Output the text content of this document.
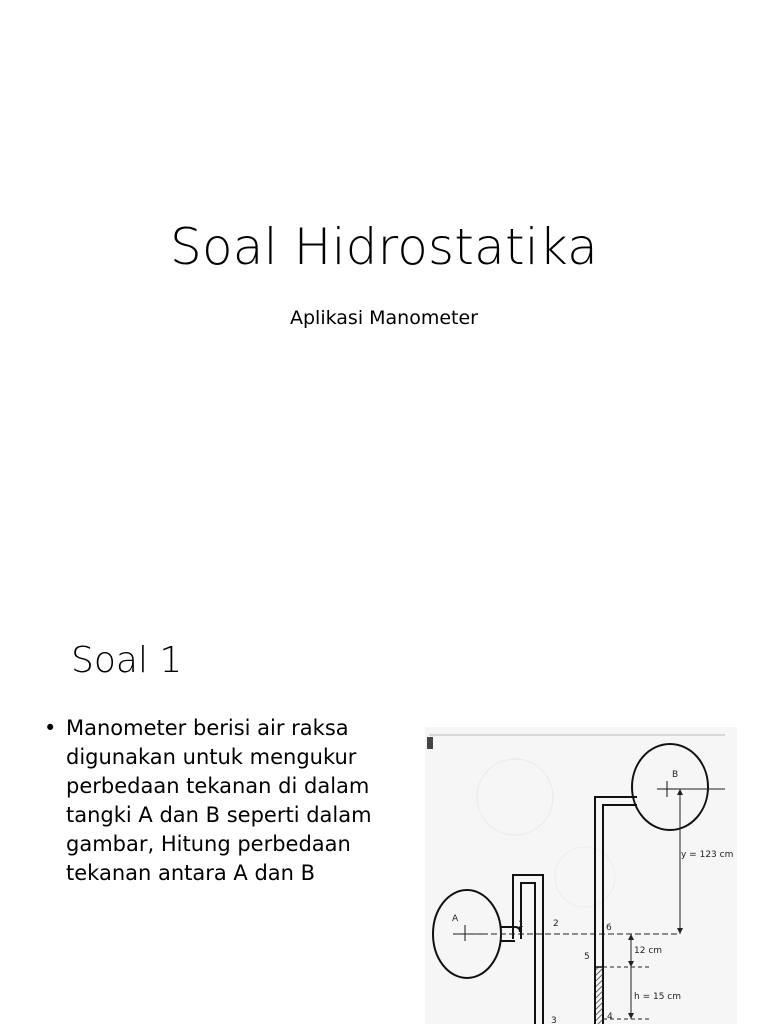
Soal Hidrostatika
Aplikasi Manometer
Soal 1
• Manometer berisi air raksa digunakan untuk mengukur perbedaan tekanan di dalam tangki A dan B seperti dalam gambar, Hitung perbedaan tekanan antara A dan B
A
1	2	6
5
4
3
B
y = 123 cm
12 cm
h = 15 cm
